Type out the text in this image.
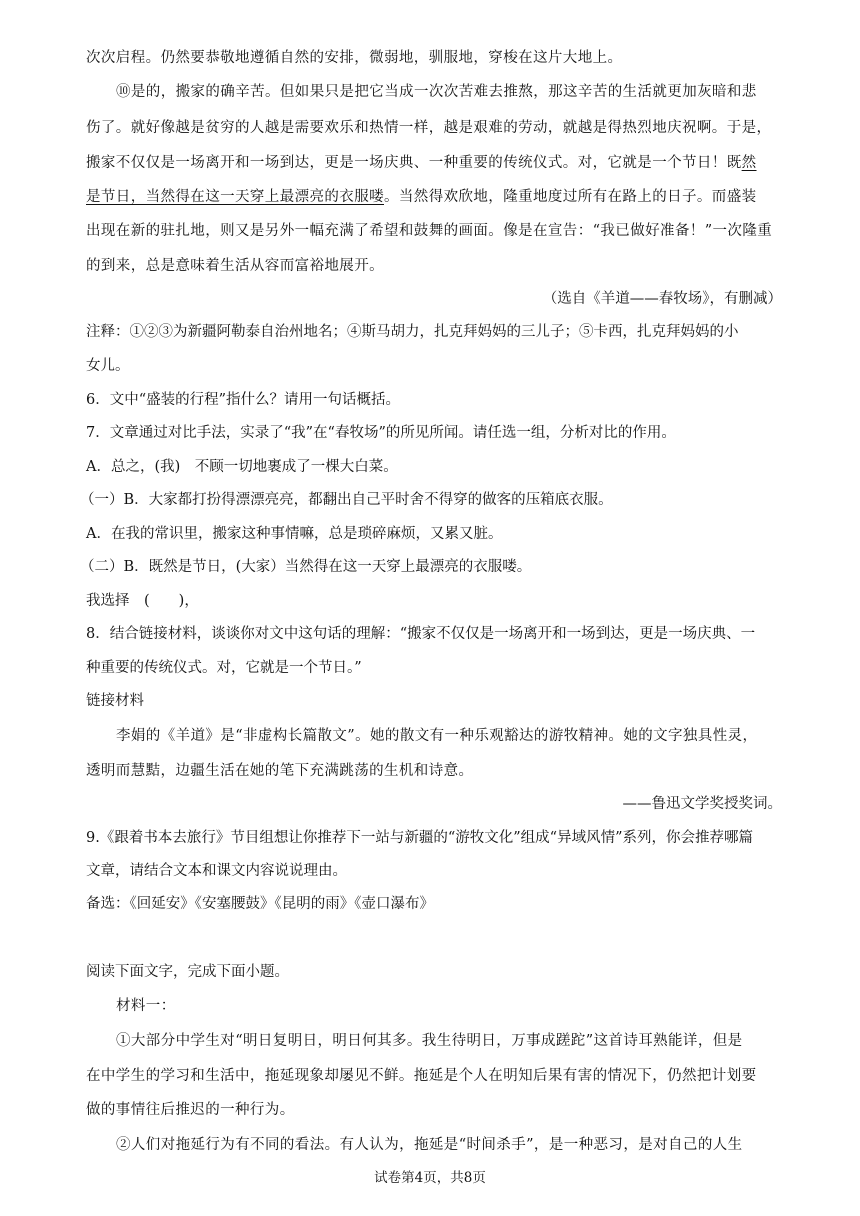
次次启程。仍然要恭敬地遵循自然的安排，微弱地，驯服地，穿梭在这片大地上。
⑩是的，搬家的确辛苦。但如果只是把它当成一次次苦难去推熬，那这辛苦的生活就更加灰暗和悲
伤了。就好像越是贫穷的人越是需要欢乐和热情一样，越是艰难的劳动，就越是得热烈地庆祝啊。于是，
搬家不仅仅是一场离开和一场到达，更是一场庆典、一种重要的传统仪式。对，它就是一个节日！既然
是节日，当然得在这一天穿上最漂亮的衣服喽。当然得欢欣地，隆重地度过所有在路上的日子。而盛装
出现在新的驻扎地，则又是另外一幅充满了希望和鼓舞的画面。像是在宣告：“我已做好准备！”一次隆重
的到来，总是意味着生活从容而富裕地展开。
（选自《羊道——春牧场》，有删减）
注释：①②③为新疆阿勒泰自治州地名；④斯马胡力，扎克拜妈妈的三儿子；⑤卡西，扎克拜妈妈的小
女儿。
6．文中“盛装的行程”指什么？请用一句话概括。
7．文章通过对比手法，实录了“我”在“春牧场”的所见所闻。请任选一组，分析对比的作用。
A．总之，(我)　不顾一切地裹成了一棵大白菜。
（一）B．大家都打扮得漂漂亮亮，都翻出自己平时舍不得穿的做客的压箱底衣服。
A．在我的常识里，搬家这种事情嘛，总是琐碎麻烦，又累又脏。
（二）B．既然是节日，(大家）当然得在这一天穿上最漂亮的衣服喽。
我选择　(　　)，
8．结合链接材料，谈谈你对文中这句话的理解：“搬家不仅仅是一场离开和一场到达，更是一场庆典、一
种重要的传统仪式。对，它就是一个节日。”
链接材料
李娟的《羊道》是“非虚构长篇散文”。她的散文有一种乐观豁达的游牧精神。她的文字独具性灵，
透明而慧黠，边疆生活在她的笔下充满跳荡的生机和诗意。
——鲁迅文学奖授奖词。
9.《跟着书本去旅行》节目组想让你推荐下一站与新疆的“游牧文化”组成“异域风情”系列，你会推荐哪篇
文章，请结合文本和课文内容说说理由。
备选：《回延安》《安塞腰鼓》《昆明的雨》《壶口瀑布》
阅读下面文字，完成下面小题。
材料一：
①大部分中学生对“明日复明日，明日何其多。我生待明日，万事成蹉跎”这首诗耳熟能详，但是
在中学生的学习和生活中，拖延现象却屡见不鲜。拖延是个人在明知后果有害的情况下，仍然把计划要
做的事情往后推迟的一种行为。
②人们对拖延行为有不同的看法。有人认为，拖延是“时间杀手”，是一种恶习，是对自己的人生
试卷第4页，共8页
